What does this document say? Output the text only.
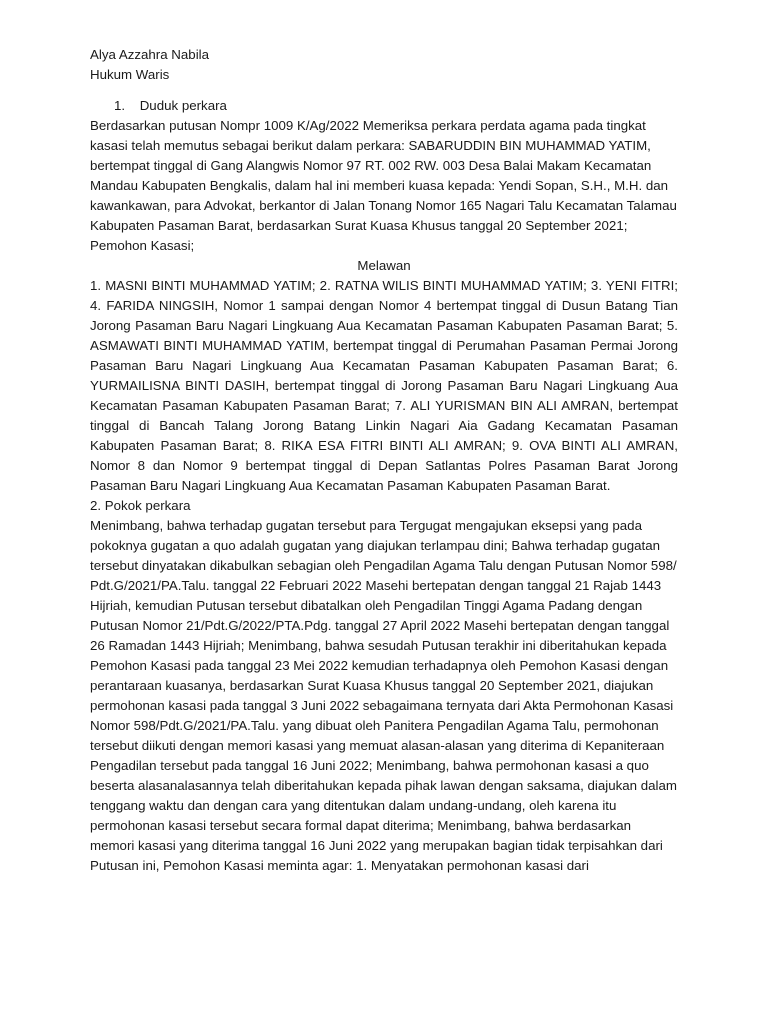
Alya Azzahra Nabila

Hukum Waris

1. Duduk perkara

Berdasarkan putusan Nompr 1009 K/Ag/2022 Memeriksa perkara perdata agama pada tingkat kasasi telah memutus sebagai berikut dalam perkara: SABARUDDIN BIN MUHAMMAD YATIM, bertempat tinggal di Gang Alangwis Nomor 97 RT. 002 RW. 003 Desa Balai Makam Kecamatan Mandau Kabupaten Bengkalis, dalam hal ini memberi kuasa kepada: Yendi Sopan, S.H., M.H. dan kawankawan, para Advokat, berkantor di Jalan Tonang Nomor 165 Nagari Talu Kecamatan Talamau Kabupaten Pasaman Barat, berdasarkan Surat Kuasa Khusus tanggal 20 September 2021; Pemohon Kasasi;

Melawan

1. MASNI BINTI MUHAMMAD YATIM; 2. RATNA WILIS BINTI MUHAMMAD YATIM; 3. YENI FITRI; 4. FARIDA NINGSIH, Nomor 1 sampai dengan Nomor 4 bertempat tinggal di Dusun Batang Tian Jorong Pasaman Baru Nagari Lingkuang Aua Kecamatan Pasaman Kabupaten Pasaman Barat; 5. ASMAWATI BINTI MUHAMMAD YATIM, bertempat tinggal di Perumahan Pasaman Permai Jorong Pasaman Baru Nagari Lingkuang Aua Kecamatan Pasaman Kabupaten Pasaman Barat; 6. YURMAILISNA BINTI DASIH, bertempat tinggal di Jorong Pasaman Baru Nagari Lingkuang Aua Kecamatan Pasaman Kabupaten Pasaman Barat; 7. ALI YURISMAN BIN ALI AMRAN, bertempat tinggal di Bancah Talang Jorong Batang Linkin Nagari Aia Gadang Kecamatan Pasaman Kabupaten Pasaman Barat; 8. RIKA ESA FITRI BINTI ALI AMRAN; 9. OVA BINTI ALI AMRAN, Nomor 8 dan Nomor 9 bertempat tinggal di Depan Satlantas Polres Pasaman Barat Jorong Pasaman Baru Nagari Lingkuang Aua Kecamatan Pasaman Kabupaten Pasaman Barat.

2. Pokok perkara

Menimbang, bahwa terhadap gugatan tersebut para Tergugat mengajukan eksepsi yang pada pokoknya gugatan a quo adalah gugatan yang diajukan terlampau dini; Bahwa terhadap gugatan tersebut dinyatakan dikabulkan sebagian oleh Pengadilan Agama Talu dengan Putusan Nomor 598/ Pdt.G/2021/PA.Talu. tanggal 22 Februari 2022 Masehi bertepatan dengan tanggal 21 Rajab 1443 Hijriah, kemudian Putusan tersebut dibatalkan oleh Pengadilan Tinggi Agama Padang dengan Putusan Nomor 21/Pdt.G/2022/PTA.Pdg. tanggal 27 April 2022 Masehi bertepatan dengan tanggal 26 Ramadan 1443 Hijriah; Menimbang, bahwa sesudah Putusan terakhir ini diberitahukan kepada Pemohon Kasasi pada tanggal 23 Mei 2022 kemudian terhadapnya oleh Pemohon Kasasi dengan perantaraan kuasanya, berdasarkan Surat Kuasa Khusus tanggal 20 September 2021, diajukan permohonan kasasi pada tanggal 3 Juni 2022 sebagaimana ternyata dari Akta Permohonan Kasasi Nomor 598/Pdt.G/2021/PA.Talu. yang dibuat oleh Panitera Pengadilan Agama Talu, permohonan tersebut diikuti dengan memori kasasi yang memuat alasan-alasan yang diterima di Kepaniteraan Pengadilan tersebut pada tanggal 16 Juni 2022; Menimbang, bahwa permohonan kasasi a quo beserta alasanalasannya telah diberitahukan kepada pihak lawan dengan saksama, diajukan dalam tenggang waktu dan dengan cara yang ditentukan dalam undang-undang, oleh karena itu permohonan kasasi tersebut secara formal dapat diterima; Menimbang, bahwa berdasarkan memori kasasi yang diterima tanggal 16 Juni 2022 yang merupakan bagian tidak terpisahkan dari Putusan ini, Pemohon Kasasi meminta agar: 1. Menyatakan permohonan kasasi dari
